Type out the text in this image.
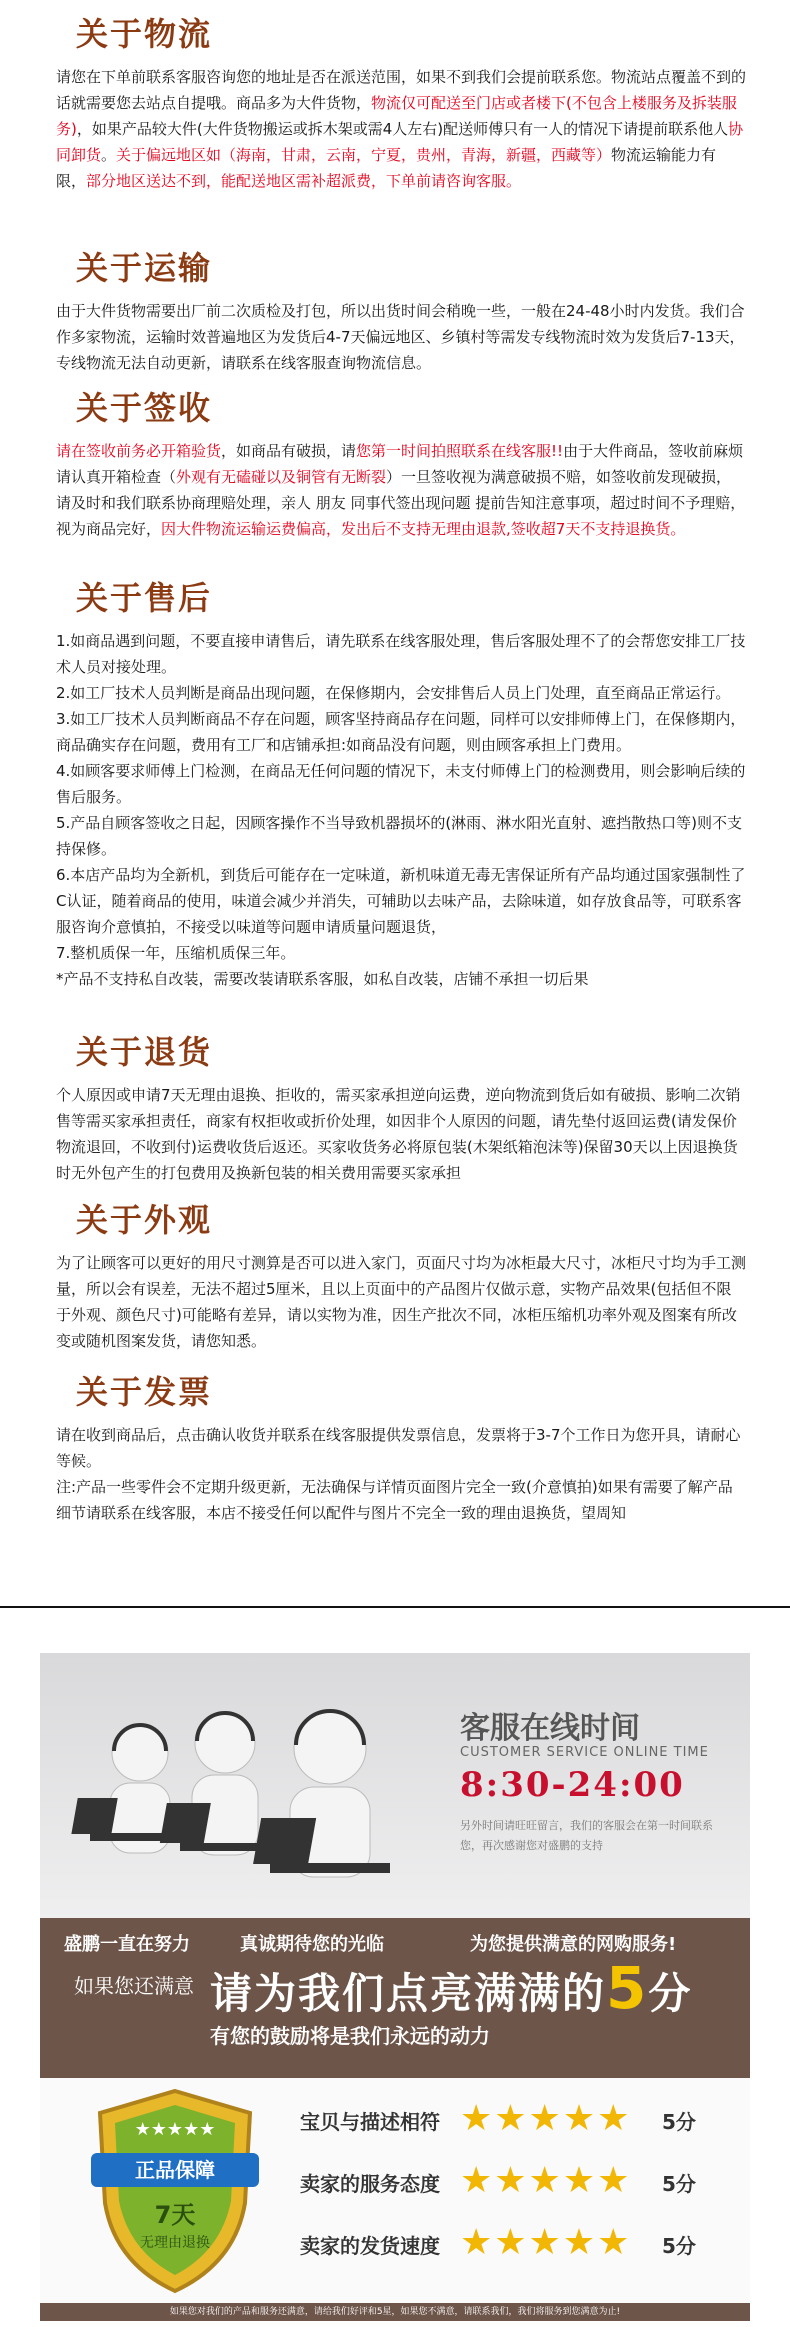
关于物流

请您在下单前联系客服咨询您的地址是否在派送范围，如果不到我们会提前联系您。物流站点覆盖不到的话就需要您去站点自提哦。商品多为大件货物，物流仅可配送至门店或者楼下(不包含上楼服务及拆装服务)，如果产品较大件(大件货物搬运或拆木架或需4人左右)配送师傅只有一人的情况下请提前联系他人协同卸货。关于偏远地区如（海南，甘肃，云南，宁夏，贵州，青海，新疆，西藏等）物流运输能力有限，部分地区送达不到，能配送地区需补超派费，下单前请咨询客服。

关于运输

由于大件货物需要出厂前二次质检及打包，所以出货时间会稍晚一些，一般在24-48小时内发货。我们合作多家物流，运输时效普遍地区为发货后4-7天偏远地区、乡镇村等需发专线物流时效为发货后7-13天，专线物流无法自动更新，请联系在线客服查询物流信息。

关于签收

请在签收前务必开箱验货，如商品有破损，请您第一时间拍照联系在线客服!!由于大件商品，签收前麻烦请认真开箱检查（外观有无磕碰以及铜管有无断裂）一旦签收视为满意破损不赔，如签收前发现破损，请及时和我们联系协商理赔处理，亲人 朋友 同事代签出现问题 提前告知注意事项，超过时间不予理赔，视为商品完好，因大件物流运输运费偏高，发出后不支持无理由退款,签收超7天不支持退换货。

关于售后

1.如商品遇到问题，不要直接申请售后，请先联系在线客服处理，售后客服处理不了的会帮您安排工厂技术人员对接处理。

2.如工厂技术人员判断是商品出现问题，在保修期内，会安排售后人员上门处理，直至商品正常运行。

3.如工厂技术人员判断商品不存在问题，顾客坚持商品存在问题，同样可以安排师傅上门，在保修期内，商品确实存在问题，费用有工厂和店铺承担:如商品没有问题，则由顾客承担上门费用。

4.如顾客要求师傅上门检测，在商品无任何问题的情况下，未支付师傅上门的检测费用，则会影响后续的售后服务。

5.产品自顾客签收之日起，因顾客操作不当导致机器损坏的(淋雨、淋水阳光直射、遮挡散热口等)则不支持保修。

6.本店产品均为全新机，到货后可能存在一定味道，新机味道无毒无害保证所有产品均通过国家强制性了C认证，随着商品的使用，味道会减少并消失，可辅助以去味产品，去除味道，如存放食品等，可联系客服咨询介意慎拍，不接受以味道等问题申请质量问题退货，

7.整机质保一年，压缩机质保三年。

*产品不支持私自改装，需要改装请联系客服，如私自改装，店铺不承担一切后果

关于退货

个人原因或申请7天无理由退换、拒收的，需买家承担逆向运费，逆向物流到货后如有破损、影响二次销售等需买家承担责任，商家有权拒收或折价处理，如因非个人原因的问题，请先垫付返回运费(请发保价物流退回，不收到付)运费收货后返还。买家收货务必将原包装(木架纸箱泡沫等)保留30天以上因退换货时无外包产生的打包费用及换新包装的相关费用需要买家承担

关于外观

为了让顾客可以更好的用尺寸测算是否可以进入家门，页面尺寸均为冰柜最大尺寸，冰柜尺寸均为手工测量，所以会有误差，无法不超过5厘米，且以上页面中的产品图片仅做示意，实物产品效果(包括但不限于外观、颜色尺寸)可能略有差异，请以实物为准，因生产批次不同，冰柜压缩机功率外观及图案有所改变或随机图案发货，请您知悉。

关于发票

请在收到商品后，点击确认收货并联系在线客服提供发票信息，发票将于3-7个工作日为您开具，请耐心等候。

注:产品一些零件会不定期升级更新，无法确保与详情页面图片完全一致(介意慎拍)如果有需要了解产品细节请联系在线客服，本店不接受任何以配件与图片不完全一致的理由退换货，望周知

客服在线时间
CUSTOMER SERVICE ONLINE TIME
8:30-24:00
另外时间请旺旺留言，我们的客服会在第一时间联系
您，再次感谢您对盛鹏的支持
盛鹏一直在努力	真诚期待您的光临	为您提供满意的网购服务!
如果您还满意 请为我们点亮满满的5分
有您的鼓励将是我们永远的动力
★★★★★
正品保障
7天
无理由退换
宝贝与描述相符 ★★★★★ 5分
卖家的服务态度 ★★★★★ 5分
卖家的发货速度 ★★★★★ 5分
如果您对我们的产品和服务还满意，请给我们好评和5星，如果您不满意，请联系我们，我们将服务到您满意为止!
